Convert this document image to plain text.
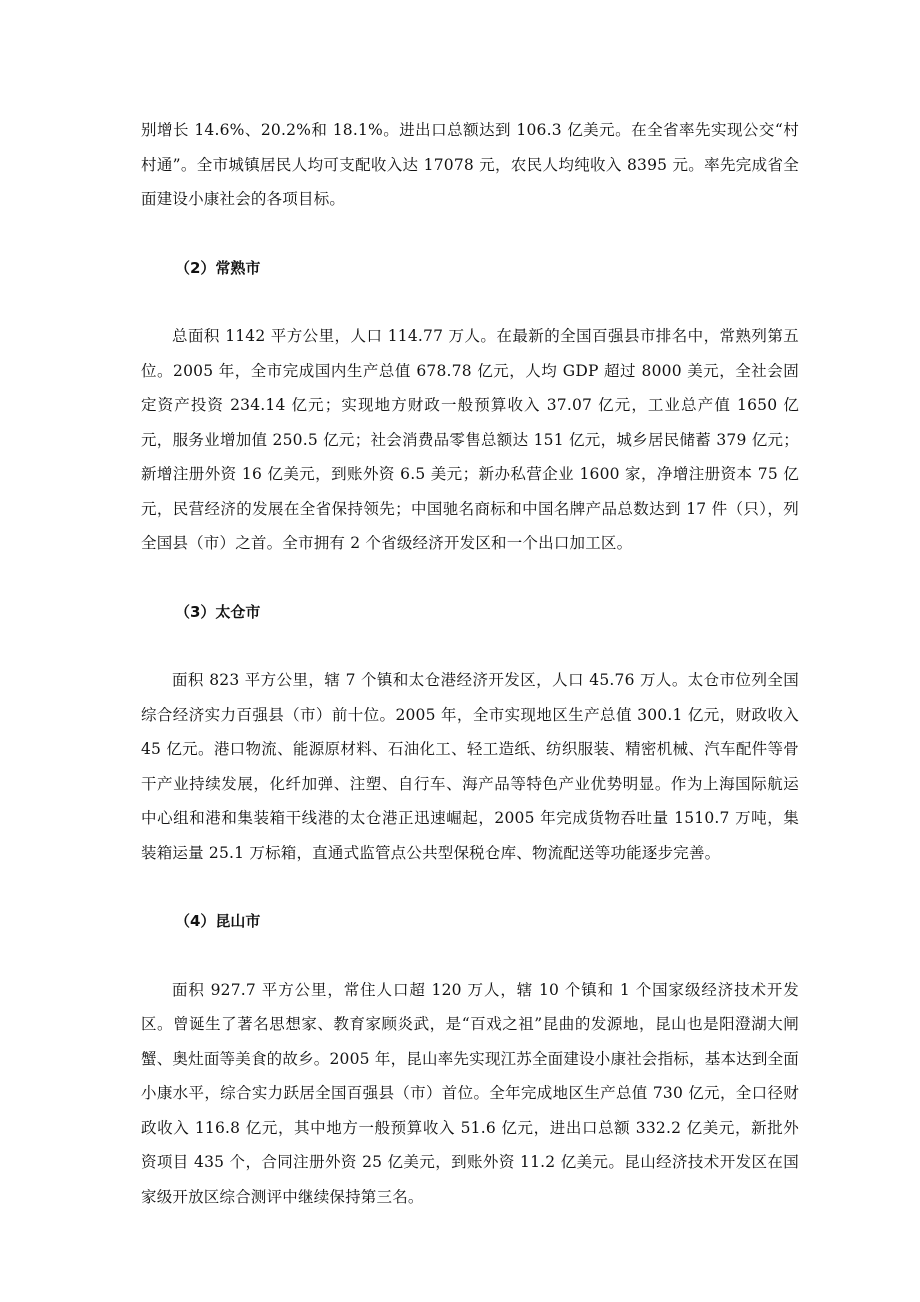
别增长 14.6%、20.2%和 18.1%。进出口总额达到 106.3 亿美元。在全省率先实现公交“村村通”。全市城镇居民人均可支配收入达 17078 元，农民人均纯收入 8395 元。率先完成省全面建设小康社会的各项目标。

（2）常熟市

总面积 1142 平方公里，人口 114.77 万人。在最新的全国百强县市排名中，常熟列第五位。2005 年，全市完成国内生产总值 678.78 亿元，人均 GDP 超过 8000 美元，全社会固定资产投资 234.14 亿元；实现地方财政一般预算收入 37.07 亿元，工业总产值 1650 亿元，服务业增加值 250.5 亿元；社会消费品零售总额达 151 亿元，城乡居民储蓄 379 亿元； 新增注册外资 16 亿美元，到账外资 6.5 美元；新办私营企业 1600 家，净增注册资本 75 亿元，民营经济的发展在全省保持领先；中国驰名商标和中国名牌产品总数达到 17 件（只），列全国县（市）之首。全市拥有 2 个省级经济开发区和一个出口加工区。

（3）太仓市

面积 823 平方公里，辖 7 个镇和太仓港经济开发区，人口 45.76 万人。太仓市位列全国综合经济实力百强县（市）前十位。2005 年，全市实现地区生产总值 300.1 亿元，财政收入 45 亿元。港口物流、能源原材料、石油化工、轻工造纸、纺织服装、精密机械、汽车配件等骨干产业持续发展，化纤加弹、注塑、自行车、海产品等特色产业优势明显。作为上海国际航运中心组和港和集装箱干线港的太仓港正迅速崛起，2005 年完成货物吞吐量 1510.7 万吨，集装箱运量 25.1 万标箱，直通式监管点公共型保税仓库、物流配送等功能逐步完善。

（4）昆山市

面积 927.7 平方公里，常住人口超 120 万人，辖 10 个镇和 1 个国家级经济技术开发区。曾诞生了著名思想家、教育家顾炎武，是“百戏之祖”昆曲的发源地，昆山也是阳澄湖大闸蟹、奥灶面等美食的故乡。2005 年，昆山率先实现江苏全面建设小康社会指标，基本达到全面小康水平，综合实力跃居全国百强县（市）首位。全年完成地区生产总值 730 亿元，全口径财政收入 116.8 亿元，其中地方一般预算收入 51.6 亿元，进出口总额 332.2 亿美元，新批外资项目 435 个，合同注册外资 25 亿美元，到账外资 11.2 亿美元。昆山经济技术开发区在国家级开放区综合测评中继续保持第三名。
